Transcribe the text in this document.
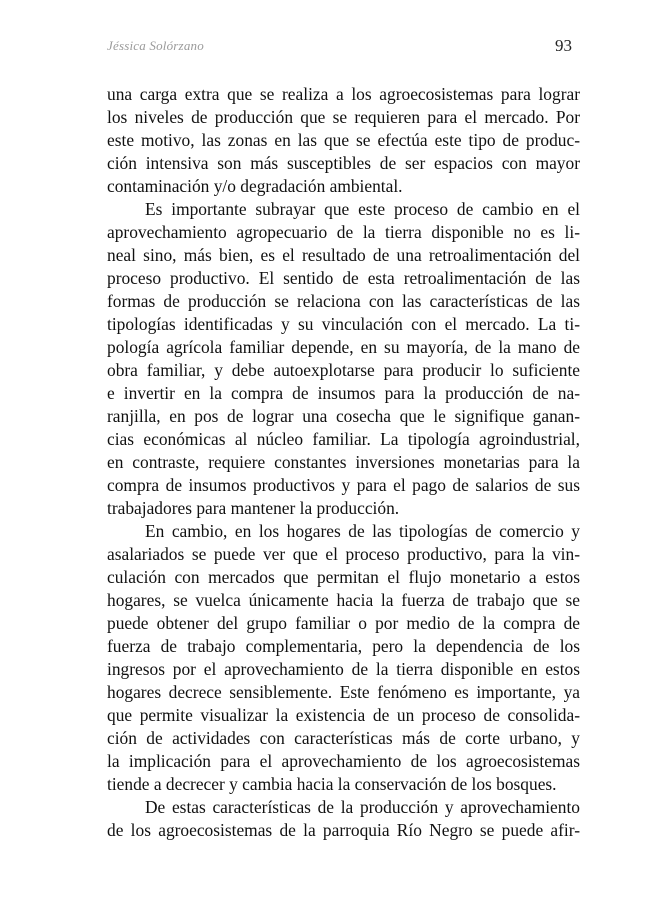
Jéssica Solórzano	93
una carga extra que se realiza a los agroecosistemas para lograr
los niveles de producción que se requieren para el mercado. Por
este motivo, las zonas en las que se efectúa este tipo de produc-
ción intensiva son más susceptibles de ser espacios con mayor
contaminación y/o degradación ambiental.
Es importante subrayar que este proceso de cambio en el
aprovechamiento agropecuario de la tierra disponible no es li-
neal sino, más bien, es el resultado de una retroalimentación del
proceso productivo. El sentido de esta retroalimentación de las
formas de producción se relaciona con las características de las
tipologías identificadas y su vinculación con el mercado. La ti-
pología agrícola familiar depende, en su mayoría, de la mano de
obra familiar, y debe autoexplotarse para producir lo suficiente
e invertir en la compra de insumos para la producción de na-
ranjilla, en pos de lograr una cosecha que le signifique ganan-
cias económicas al núcleo familiar. La tipología agroindustrial,
en contraste, requiere constantes inversiones monetarias para la
compra de insumos productivos y para el pago de salarios de sus
trabajadores para mantener la producción.
En cambio, en los hogares de las tipologías de comercio y
asalariados se puede ver que el proceso productivo, para la vin-
culación con mercados que permitan el flujo monetario a estos
hogares, se vuelca únicamente hacia la fuerza de trabajo que se
puede obtener del grupo familiar o por medio de la compra de
fuerza de trabajo complementaria, pero la dependencia de los
ingresos por el aprovechamiento de la tierra disponible en estos
hogares decrece sensiblemente. Este fenómeno es importante, ya
que permite visualizar la existencia de un proceso de consolida-
ción de actividades con características más de corte urbano, y
la implicación para el aprovechamiento de los agroecosistemas
tiende a decrecer y cambia hacia la conservación de los bosques.
De estas características de la producción y aprovechamiento
de los agroecosistemas de la parroquia Río Negro se puede afir-
